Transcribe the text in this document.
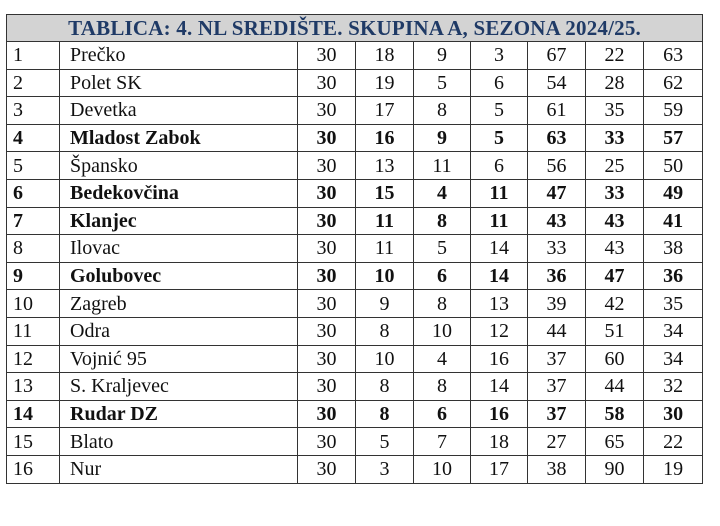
TABLICA: 4. NL SREDIŠTE. SKUPINA A, SEZONA 2024/25.								
1	Prečko	30	18	9	3	67	22	63
2	Polet SK	30	19	5	6	54	28	62
3	Devetka	30	17	8	5	61	35	59
4	Mladost Zabok	30	16	9	5	63	33	57
5	Špansko	30	13	11	6	56	25	50
6	Bedekovčina	30	15	4	11	47	33	49
7	Klanjec	30	11	8	11	43	43	41
8	Ilovac	30	11	5	14	33	43	38
9	Golubovec	30	10	6	14	36	47	36
10	Zagreb	30	9	8	13	39	42	35
11	Odra	30	8	10	12	44	51	34
12	Vojnić 95	30	10	4	16	37	60	34
13	S. Kraljevec	30	8	8	14	37	44	32
14	Rudar DZ	30	8	6	16	37	58	30
15	Blato	30	5	7	18	27	65	22
16	Nur	30	3	10	17	38	90	19
